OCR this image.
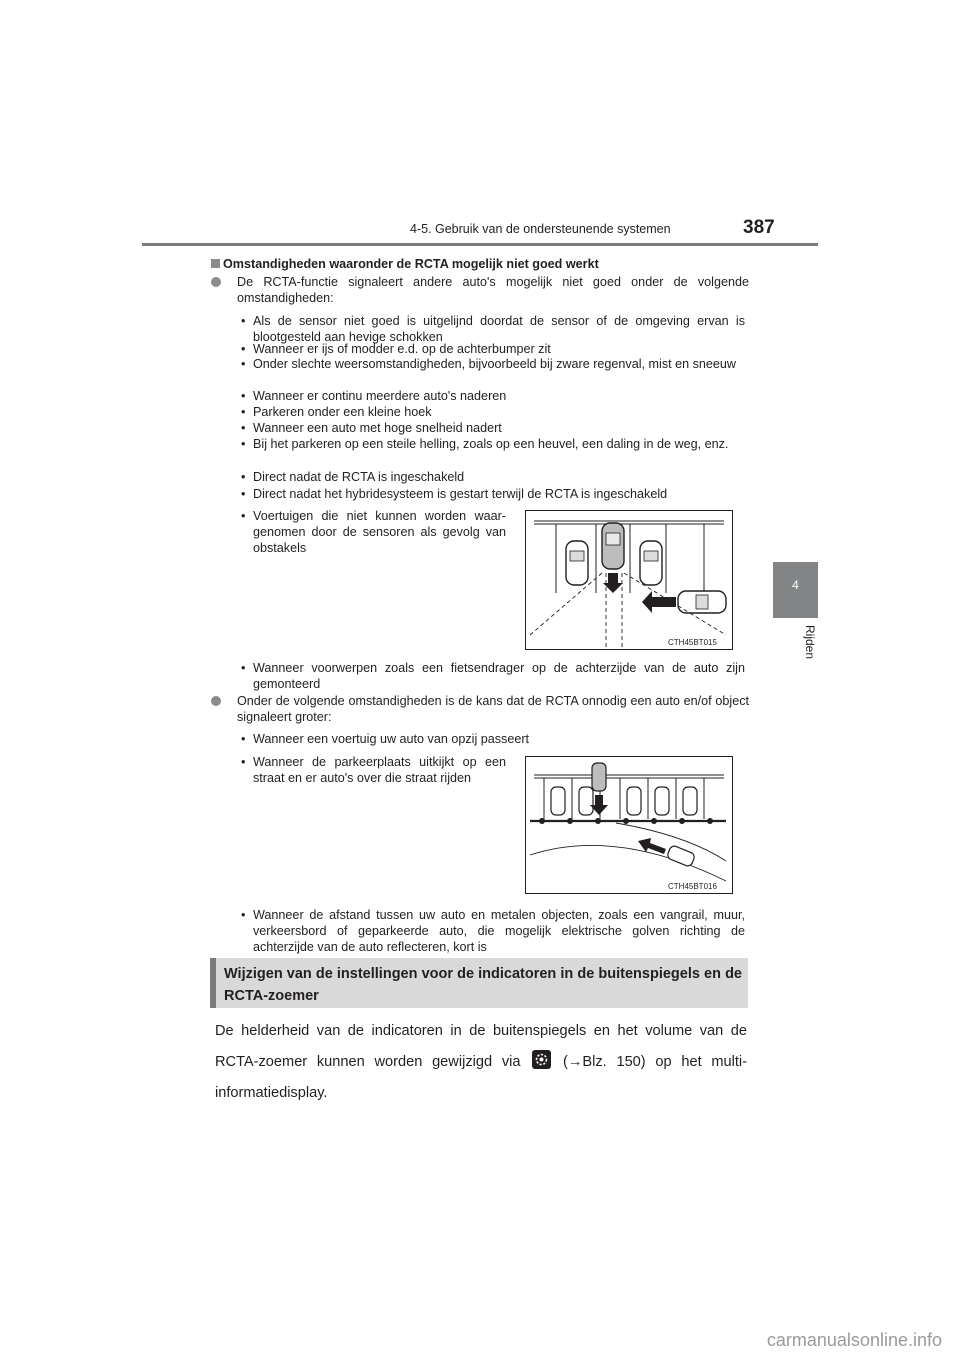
4-5. Gebruik van de ondersteunende systemen	387
4
Rijden
Omstandigheden waaronder de RCTA mogelijk niet goed werkt
De RCTA-functie signaleert andere auto's mogelijk niet goed onder de volgende omstandigheden:
• Als de sensor niet goed is uitgelijnd doordat de sensor of de omgeving ervan is blootgesteld aan hevige schokken
• Wanneer er ijs of modder e.d. op de achterbumper zit
• Onder slechte weersomstandigheden, bijvoorbeeld bij zware regenval, mist en sneeuw
• Wanneer er continu meerdere auto's naderen
• Parkeren onder een kleine hoek
• Wanneer een auto met hoge snelheid nadert
• Bij het parkeren op een steile helling, zoals op een heuvel, een daling in de weg, enz.
• Direct nadat de RCTA is ingeschakeld
• Direct nadat het hybridesysteem is gestart terwijl de RCTA is ingeschakeld
• Voertuigen die niet kunnen worden waar-genomen door de sensoren als gevolg van obstakels
CTH45BT015
• Wanneer voorwerpen zoals een fietsendrager op de achterzijde van de auto zijn gemonteerd
Onder de volgende omstandigheden is de kans dat de RCTA onnodig een auto en/of object signaleert groter:
• Wanneer een voertuig uw auto van opzij passeert
• Wanneer de parkeerplaats uitkijkt op een straat en er auto's over die straat rijden
CTH45BT016
• Wanneer de afstand tussen uw auto en metalen objecten, zoals een vangrail, muur, verkeersbord of geparkeerde auto, die mogelijk elektrische golven richting de achterzijde van de auto reflecteren, kort is
Wijzigen van de instellingen voor de indicatoren in de buitenspiegels en de RCTA-zoemer
De helderheid van de indicatoren in de buitenspiegels en het volume van de RCTA-zoemer kunnen worden gewijzigd via	(→Blz. 150) op het multi-informatiedisplay.
carmanualsonline.info
